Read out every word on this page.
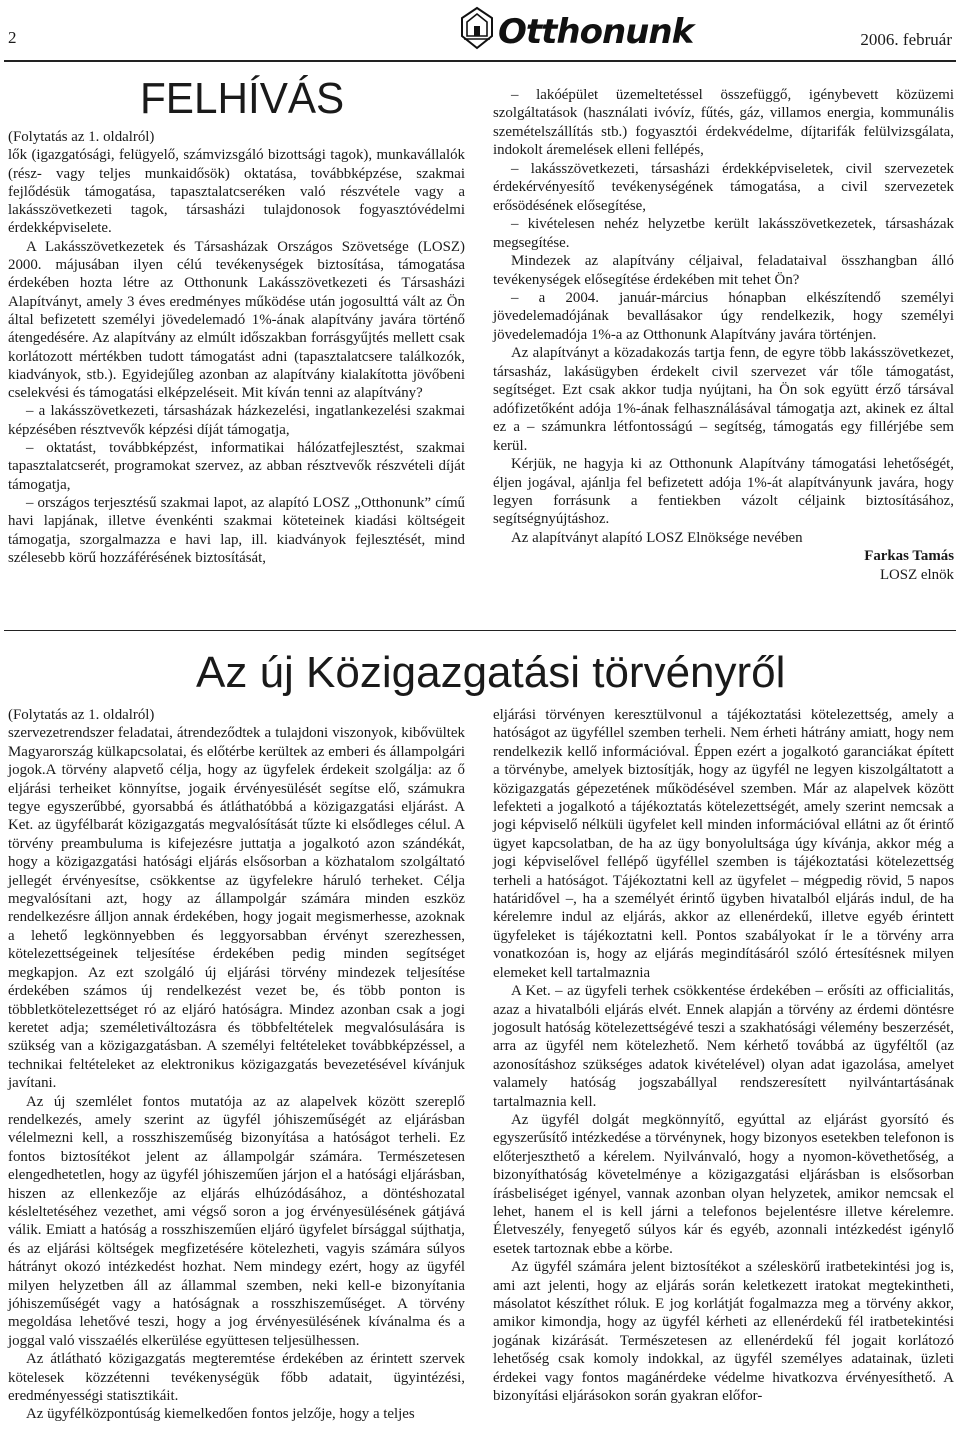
2	Otthonunk	2006. február
FELHÍVÁS

(Folytatás az 1. oldalról)

lők (igazgatósági, felügyelő, számvizsgáló bizottsági tagok), munkavállalók (rész- vagy teljes munkaidősök) oktatása, továbbképzése, szakmai fejlődésük támogatása, tapasztalatcseréken való részvétele vagy a lakásszövetkezeti tagok, társasházi tulajdonosok fogyasztóvédelmi érdekképviselete.

A Lakásszövetkezetek és Társasházak Országos Szövetsége (LOSZ) 2000. májusában ilyen célú tevékenységek biztosítása, támogatása érdekében hozta létre az Otthonunk Lakásszövetkezeti és Társasházi Alapítványt, amely 3 éves eredményes működése után jogosulttá vált az Ön által befizetett személyi jövedelemadó 1%-ának alapítvány javára történő átengedésére. Az alapítvány az elmúlt időszakban forrásgyűjtés mellett csak korlátozott mértékben tudott támogatást adni (tapasztalatcsere találkozók, kiadványok, stb.). Egyidejűleg azonban az alapítvány kialakította jövőbeni cselekvési és támogatási elképzeléseit. Mit kíván tenni az alapítvány?

– a lakásszövetkezeti, társasházak házkezelési, ingatlankezelési szakmai képzésében résztvevők képzési díját támogatja,

– oktatást, továbbképzést, informatikai hálózatfejlesztést, szakmai tapasztalatcserét, programokat szervez, az abban résztvevők részvételi díját támogatja,

– országos terjesztésű szakmai lapot, az alapító LOSZ „Otthonunk” című havi lapjának, illetve évenkénti szakmai köteteinek kiadási költségeit támogatja, szorgalmazza e havi lap, ill. kiadványok fejlesztését, mind szélesebb körű hozzáférésének biztosítását,

– lakóépület üzemeltetéssel összefüggő, igénybevett közüzemi szolgáltatások (használati ivóvíz, fűtés, gáz, villamos energia, kommunális szemételszállítás stb.) fogyasztói érdekvédelme, díjtarifák felülvizsgálata, indokolt áremelések elleni fellépés,

– lakásszövetkezeti, társasházi érdekképviseletek, civil szervezetek érdekérvényesítő tevékenységének támogatása, a civil szervezetek erősödésének elősegítése,

– kivételesen nehéz helyzetbe került lakásszövetkezetek, társasházak megsegítése.

Mindezek az alapítvány céljaival, feladataival összhangban álló tevékenységek elősegítése érdekében mit tehet Ön?

– a 2004. január-március hónapban elkészítendő személyi jövedelemadójának bevallásakor úgy rendelkezik, hogy személyi jövedelemadója 1%-a az Otthonunk Alapítvány javára történjen.

Az alapítványt a közadakozás tartja fenn, de egyre több lakásszövetkezet, társasház, lakásügyben érdekelt civil szervezet vár tőle támogatást, segítséget. Ezt csak akkor tudja nyújtani, ha Ön sok együtt érző társával adófizetőként adója 1%-ának felhasználásával támogatja azt, akinek ez által ez a – számunkra létfontosságú – segítség, támogatás egy fillérjébe sem kerül.

Kérjük, ne hagyja ki az Otthonunk Alapítvány támogatási lehetőségét, éljen jogával, ajánlja fel befizetett adója 1%-át alapítványunk javára, hogy legyen forrásunk a fentiekben vázolt céljaink biztosításához, segítségnyújtáshoz.

Az alapítványt alapító LOSZ Elnöksége nevében

Farkas Tamás

LOSZ elnök

Az új Közigazgatási törvényről

(Folytatás az 1. oldalról)

szervezetrendszer feladatai, átrendeződtek a tulajdoni viszonyok, kibővültek Magyarország külkapcsolatai, és előtérbe kerültek az emberi és állampolgári jogok.A törvény alapvető célja, hogy az ügyfelek érdekeit szolgálja: az ő eljárási terheiket könnyítse, jogaik érvényesülését segítse elő, számukra tegye egyszerűbbé, gyorsabbá és átláthatóbbá a közigazgatási eljárást. A Ket. az ügyfélbarát közigazgatás megvalósítását tűzte ki elsődleges célul. A törvény preambuluma is kifejezésre juttatja a jogalkotó azon szándékát, hogy a közigazgatási hatósági eljárás elsősorban a közhatalom szolgáltató jellegét érvényesítse, csökkentse az ügyfelekre háruló terheket. Célja megvalósítani azt, hogy az állampolgár számára minden eszköz rendelkezésre álljon annak érdekében, hogy jogait megismerhesse, azoknak a lehető legkönnyebben és leggyorsabban érvényt szerezhessen, kötelezettségeinek teljesítése érdekében pedig minden segítséget megkapjon. Az ezt szolgáló új eljárási törvény mindezek teljesítése érdekében számos új rendelkezést vezet be, és több ponton is többletkötelezettséget ró az eljáró hatóságra. Mindez azonban csak a jogi keretet adja; személetiváltozásra és többfeltételek megvalósulására is szükség van a közigazgatásban. A személyi feltételeket továbbképzéssel, a technikai feltételeket az elektronikus közigazgatás bevezetésével kívánjuk javítani.

Az új szemlélet fontos mutatója az az alapelvek között szereplő rendelkezés, amely szerint az ügyfél jóhiszeműségét az eljárásban vélelmezni kell, a rosszhiszeműség bizonyítása a hatóságot terheli. Ez fontos biztosítékot jelent az állampolgár számára. Természetesen elengedhetetlen, hogy az ügyfél jóhiszeműen járjon el a hatósági eljárásban, hiszen az ellenkezője az eljárás elhúzódásához, a döntéshozatal késleltetéséhez vezethet, ami végső soron a jog érvényesülésének gátjává válik. Emiatt a hatóság a rosszhiszeműen eljáró ügyfelet bírsággal sújthatja, és az eljárási költségek megfizetésére kötelezheti, vagyis számára súlyos hátrányt okozó intézkedést hozhat. Nem mindegy ezért, hogy az ügyfél milyen helyzetben áll az állammal szemben, neki kell-e bizonyítania jóhiszeműségét vagy a hatóságnak a rosszhiszeműséget. A törvény megoldása lehetővé teszi, hogy a jog érvényesülésének kívánalma és a joggal való visszaélés elkerülése együttesen teljesülhessen.

Az átlátható közigazgatás megteremtése érdekében az érintett szervek kötelesek közzétenni tevékenységük főbb adatait, ügyintézési, eredményességi statisztikáit.

Az ügyfélközpontúság kiemelkedően fontos jelzője, hogy a teljes

eljárási törvényen keresztülvonul a tájékoztatási kötelezettség, amely a hatóságot az ügyféllel szemben terheli. Nem érheti hátrány amiatt, hogy nem rendelkezik kellő információval. Éppen ezért a jogalkotó garanciákat épített a törvénybe, amelyek biztosítják, hogy az ügyfél ne legyen kiszolgáltatott a közigazgatás gépezetének működésével szemben. Már az alapelvek között lefekteti a jogalkotó a tájékoztatás kötelezettségét, amely szerint nemcsak a jogi képviselő nélküli ügyfelet kell minden információval ellátni az őt érintő ügyet kapcsolatban, de ha az ügy bonyolultsága úgy kívánja, akkor még a jogi képviselővel fellépő ügyféllel szemben is tájékoztatási kötelezettség terheli a hatóságot. Tájékoztatni kell az ügyfelet – mégpedig rövid, 5 napos határidővel –, ha a személyét érintő ügyben hivatalból eljárás indul, de ha kérelemre indul az eljárás, akkor az ellenérdekű, illetve egyéb érintett ügyfeleket is tájékoztatni kell. Pontos szabályokat ír le a törvény arra vonatkozóan is, hogy az eljárás megindításáról szóló értesítésnek milyen elemeket kell tartalmaznia

A Ket. – az ügyfeli terhek csökkentése érdekében – erősíti az officialitás, azaz a hivatalbóli eljárás elvét. Ennek alapján a törvény az érdemi döntésre jogosult hatóság kötelezettségévé teszi a szakhatósági vélemény beszerzését, arra az ügyfél nem kötelezhető. Nem kérhető továbbá az ügyféltől (az azonosításhoz szükséges adatok kivételével) olyan adat igazolása, amelyet valamely hatóság jogszabállyal rendszeresített nyilvántartásának tartalmaznia kell.

Az ügyfél dolgát megkönnyítő, egyúttal az eljárást gyorsító és egyszerűsítő intézkedése a törvénynek, hogy bizonyos esetekben telefonon is előterjeszthető a kérelem. Nyilvánvaló, hogy a nyomon-követhetőség, a bizonyíthatóság követelménye a közigazgatási eljárásban is elsősorban írásbeliséget igényel, vannak azonban olyan helyzetek, amikor nemcsak el lehet, hanem el is kell járni a telefonos bejelentésre illetve kérelemre. Életveszély, fenyegető súlyos kár és egyéb, azonnali intézkedést igénylő esetek tartoznak ebbe a körbe.

Az ügyfél számára jelent biztosítékot a széleskörű iratbetekintési jog is, ami azt jelenti, hogy az eljárás során keletkezett iratokat megtekintheti, másolatot készíthet róluk. E jog korlátját fogalmazza meg a törvény akkor, amikor kimondja, hogy az ügyfél kérheti az ellenérdekű fél iratbetekintési jogának kizárását. Természetesen az ellenérdekű fél jogait korlátozó lehetőség csak komoly indokkal, az ügyfél személyes adatainak, üzleti érdekei vagy fontos magánérdeke védelme hivatkozva érvényesíthető. A bizonyítási eljárásokon során gyakran előfor-
